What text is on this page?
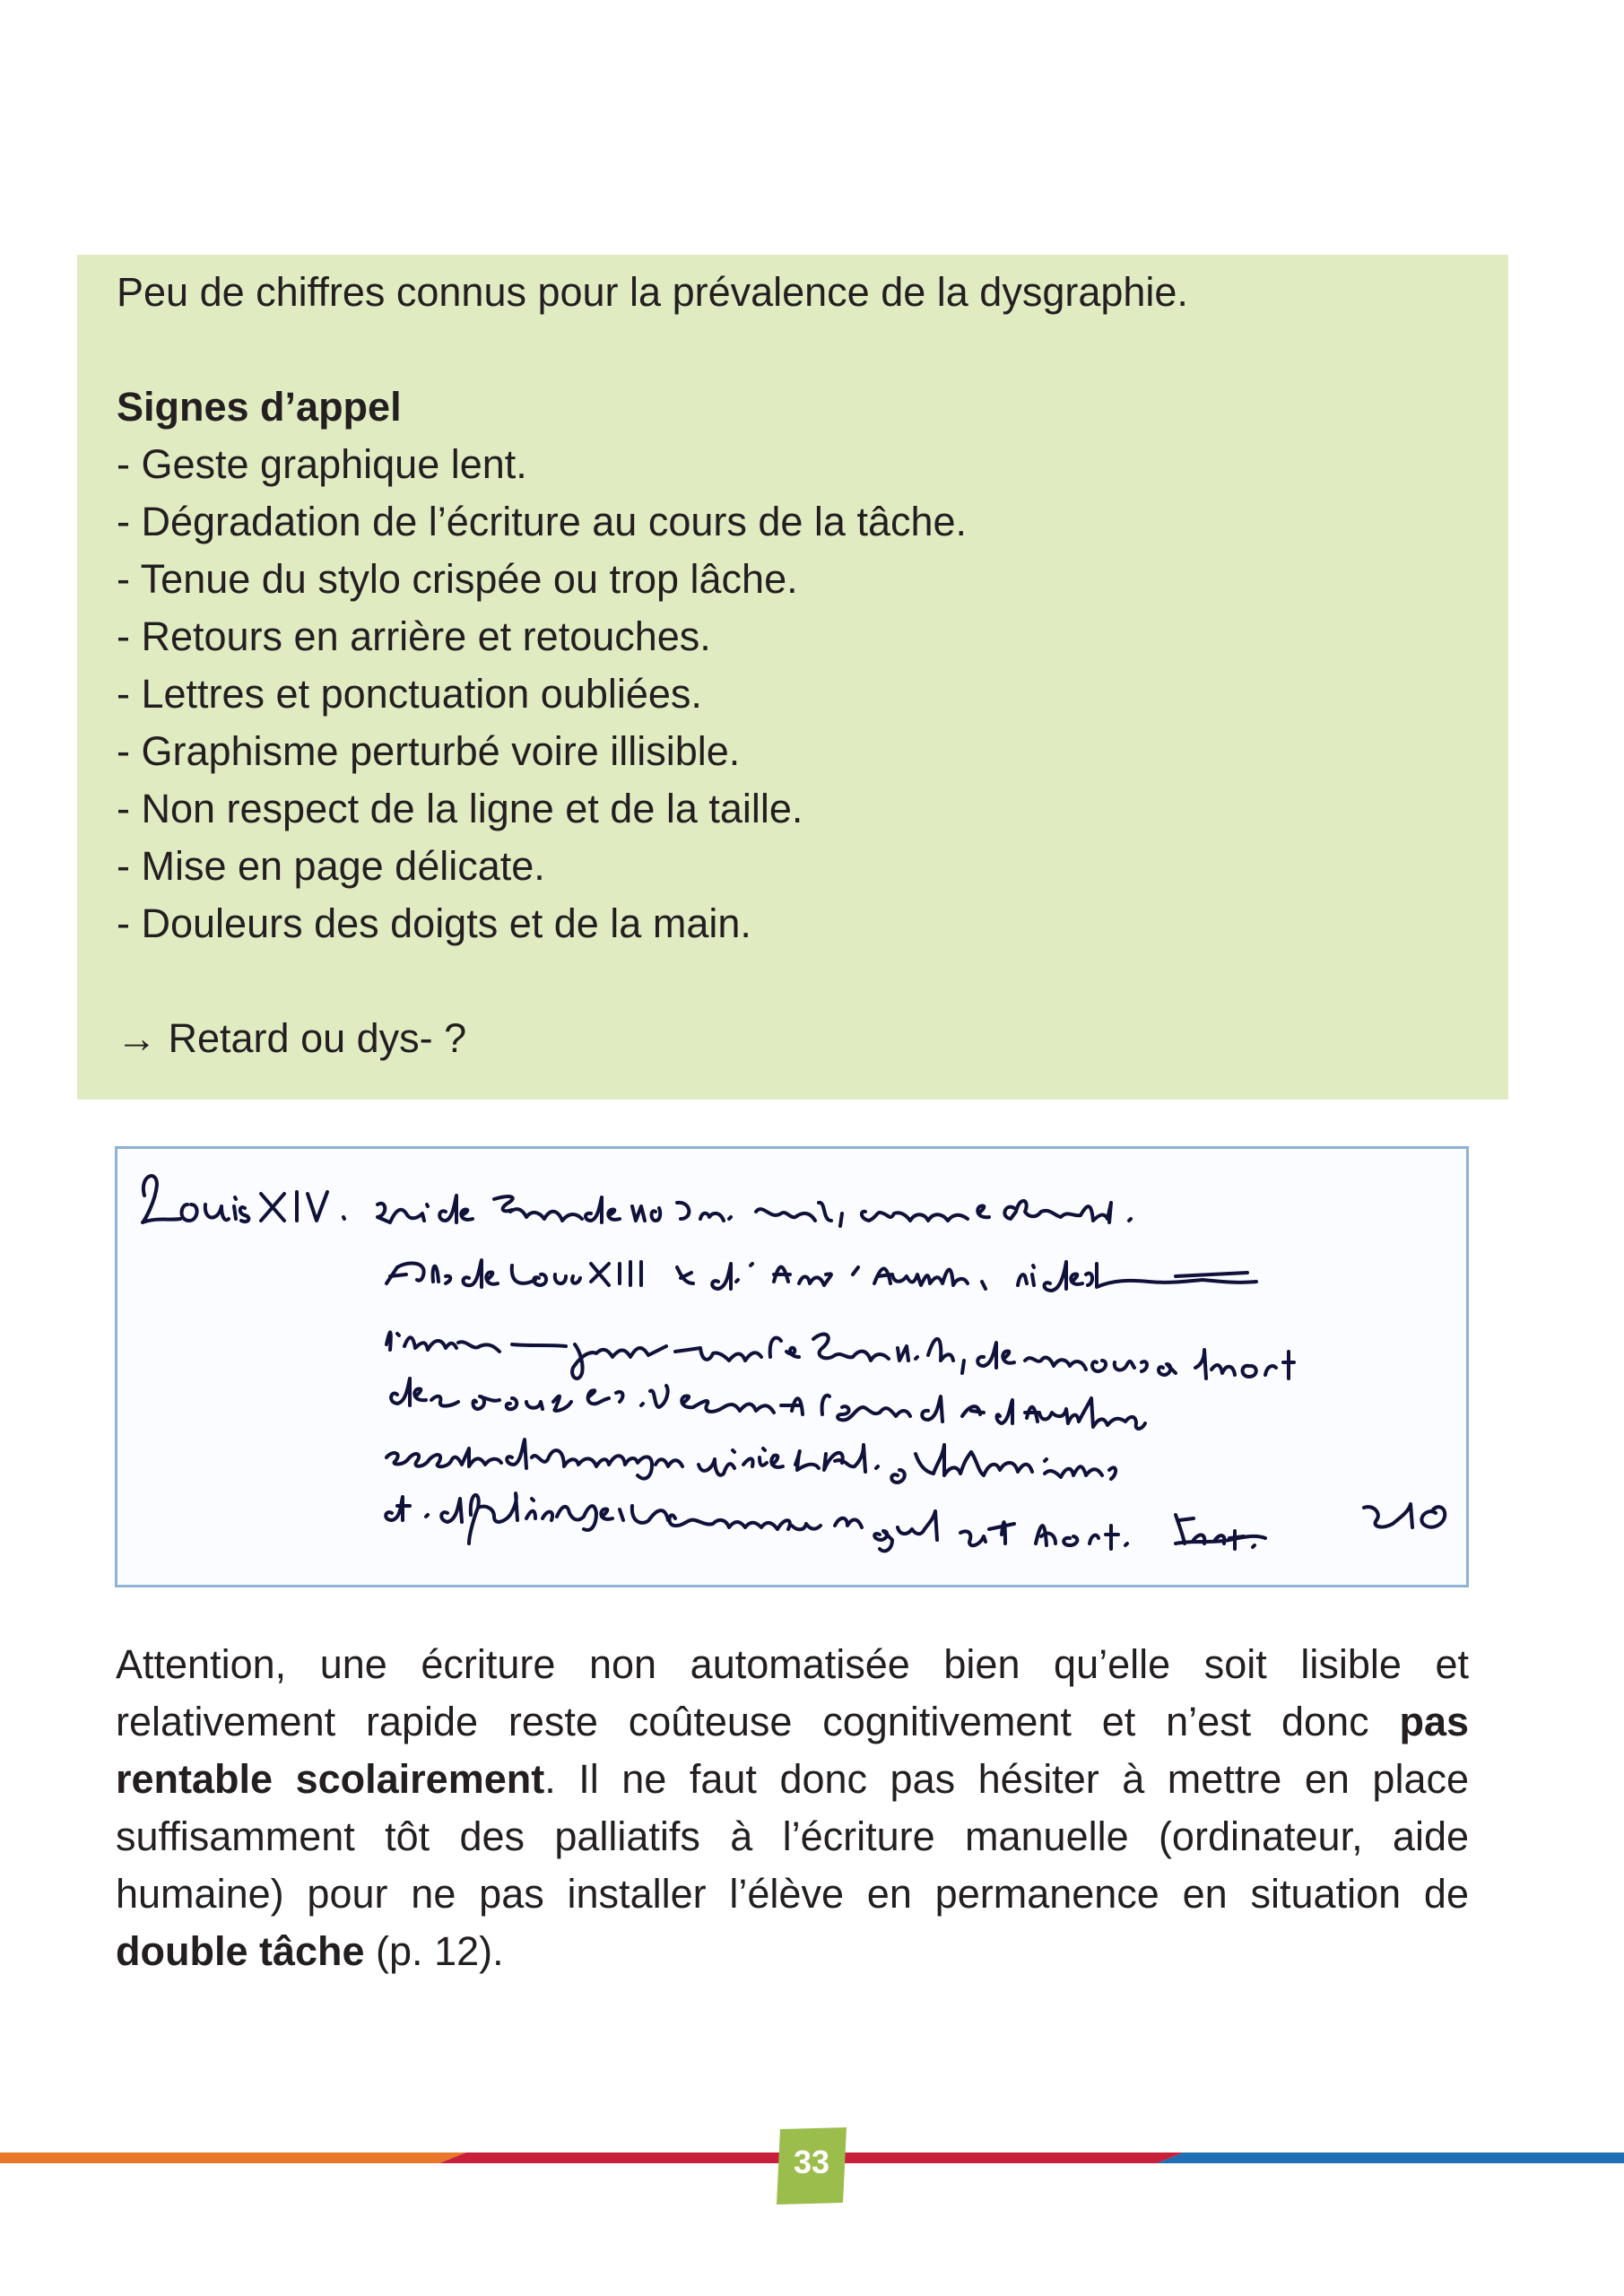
Peu de chiffres connus pour la prévalence de la dysgraphie.

Signes d’appel

- Geste graphique lent.
- Dégradation de l’écriture au cours de la tâche.
- Tenue du stylo crispée ou trop lâche.
- Retours en arrière et retouches.
- Lettres et ponctuation oubliées.
- Graphisme perturbé voire illisible.
- Non respect de la ligne et de la taille.
- Mise en page délicate.
- Douleurs des doigts et de la main.

→ Retard ou dys- ?

Attention, une écriture non automatisée bien qu’elle soit lisible et relativement rapide reste coûteuse cognitivement et n’est donc pas rentable scolairement. Il ne faut donc pas hésiter à mettre en place suffisamment tôt des palliatifs à l’écriture manuelle (ordinateur, aide humaine) pour ne pas installer l’élève en permanence en situation de double tâche (p. 12).

33
